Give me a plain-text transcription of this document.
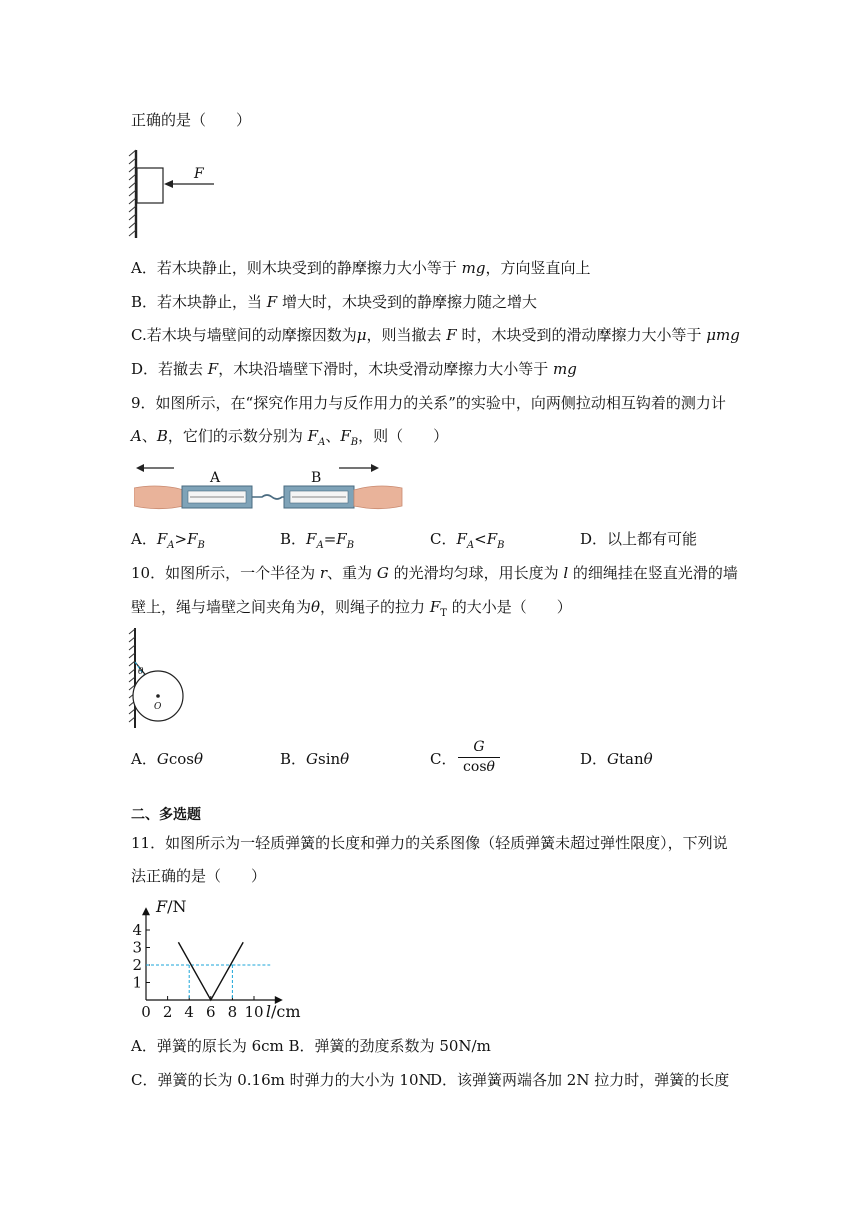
正确的是（　　）
F
A．若木块静止，则木块受到的静摩擦力大小等于 mg，方向竖直向上
B．若木块静止，当 F 增大时，木块受到的静摩擦力随之增大
C.若木块与墙壁间的动摩擦因数为μ，则当撤去 F 时，木块受到的滑动摩擦力大小等于 μmg
D．若撤去 F，木块沿墙壁下滑时，木块受滑动摩擦力大小等于 mg
9．如图所示，在“探究作用力与反作用力的关系”的实验中，向两侧拉动相互钩着的测力计
A、B，它们的示数分别为 $F_A$、$F_B$，则（　　）
A	B
A．$F_A>F_B$	B．$F_A=F_B$	C．$F_A<F_B$	D．以上都有可能
10．如图所示，一个半径为 r、重为 G 的光滑均匀球，用长度为 l 的细绳挂在竖直光滑的墙
壁上，绳与墙壁之间夹角为θ，则绳子的拉力 $F_T$ 的大小是（　　）
θ
O
A．Gcosθ	B．Gsinθ	C．
G
cosθ	D．Gtanθ
二、多选题
11．如图所示为一轻质弹簧的长度和弹力的关系图像（轻质弹簧未超过弹性限度），下列说
法正确的是（　　）
0 2 4 6 8 10
1
2
3
4
F/N
l/cm
A．弹簧的原长为 6cm B．弹簧的劲度系数为 50N/m
C．弹簧的长为 0.16m 时弹力的大小为 10N
D．该弹簧两端各加 2N 拉力时，弹簧的长度
